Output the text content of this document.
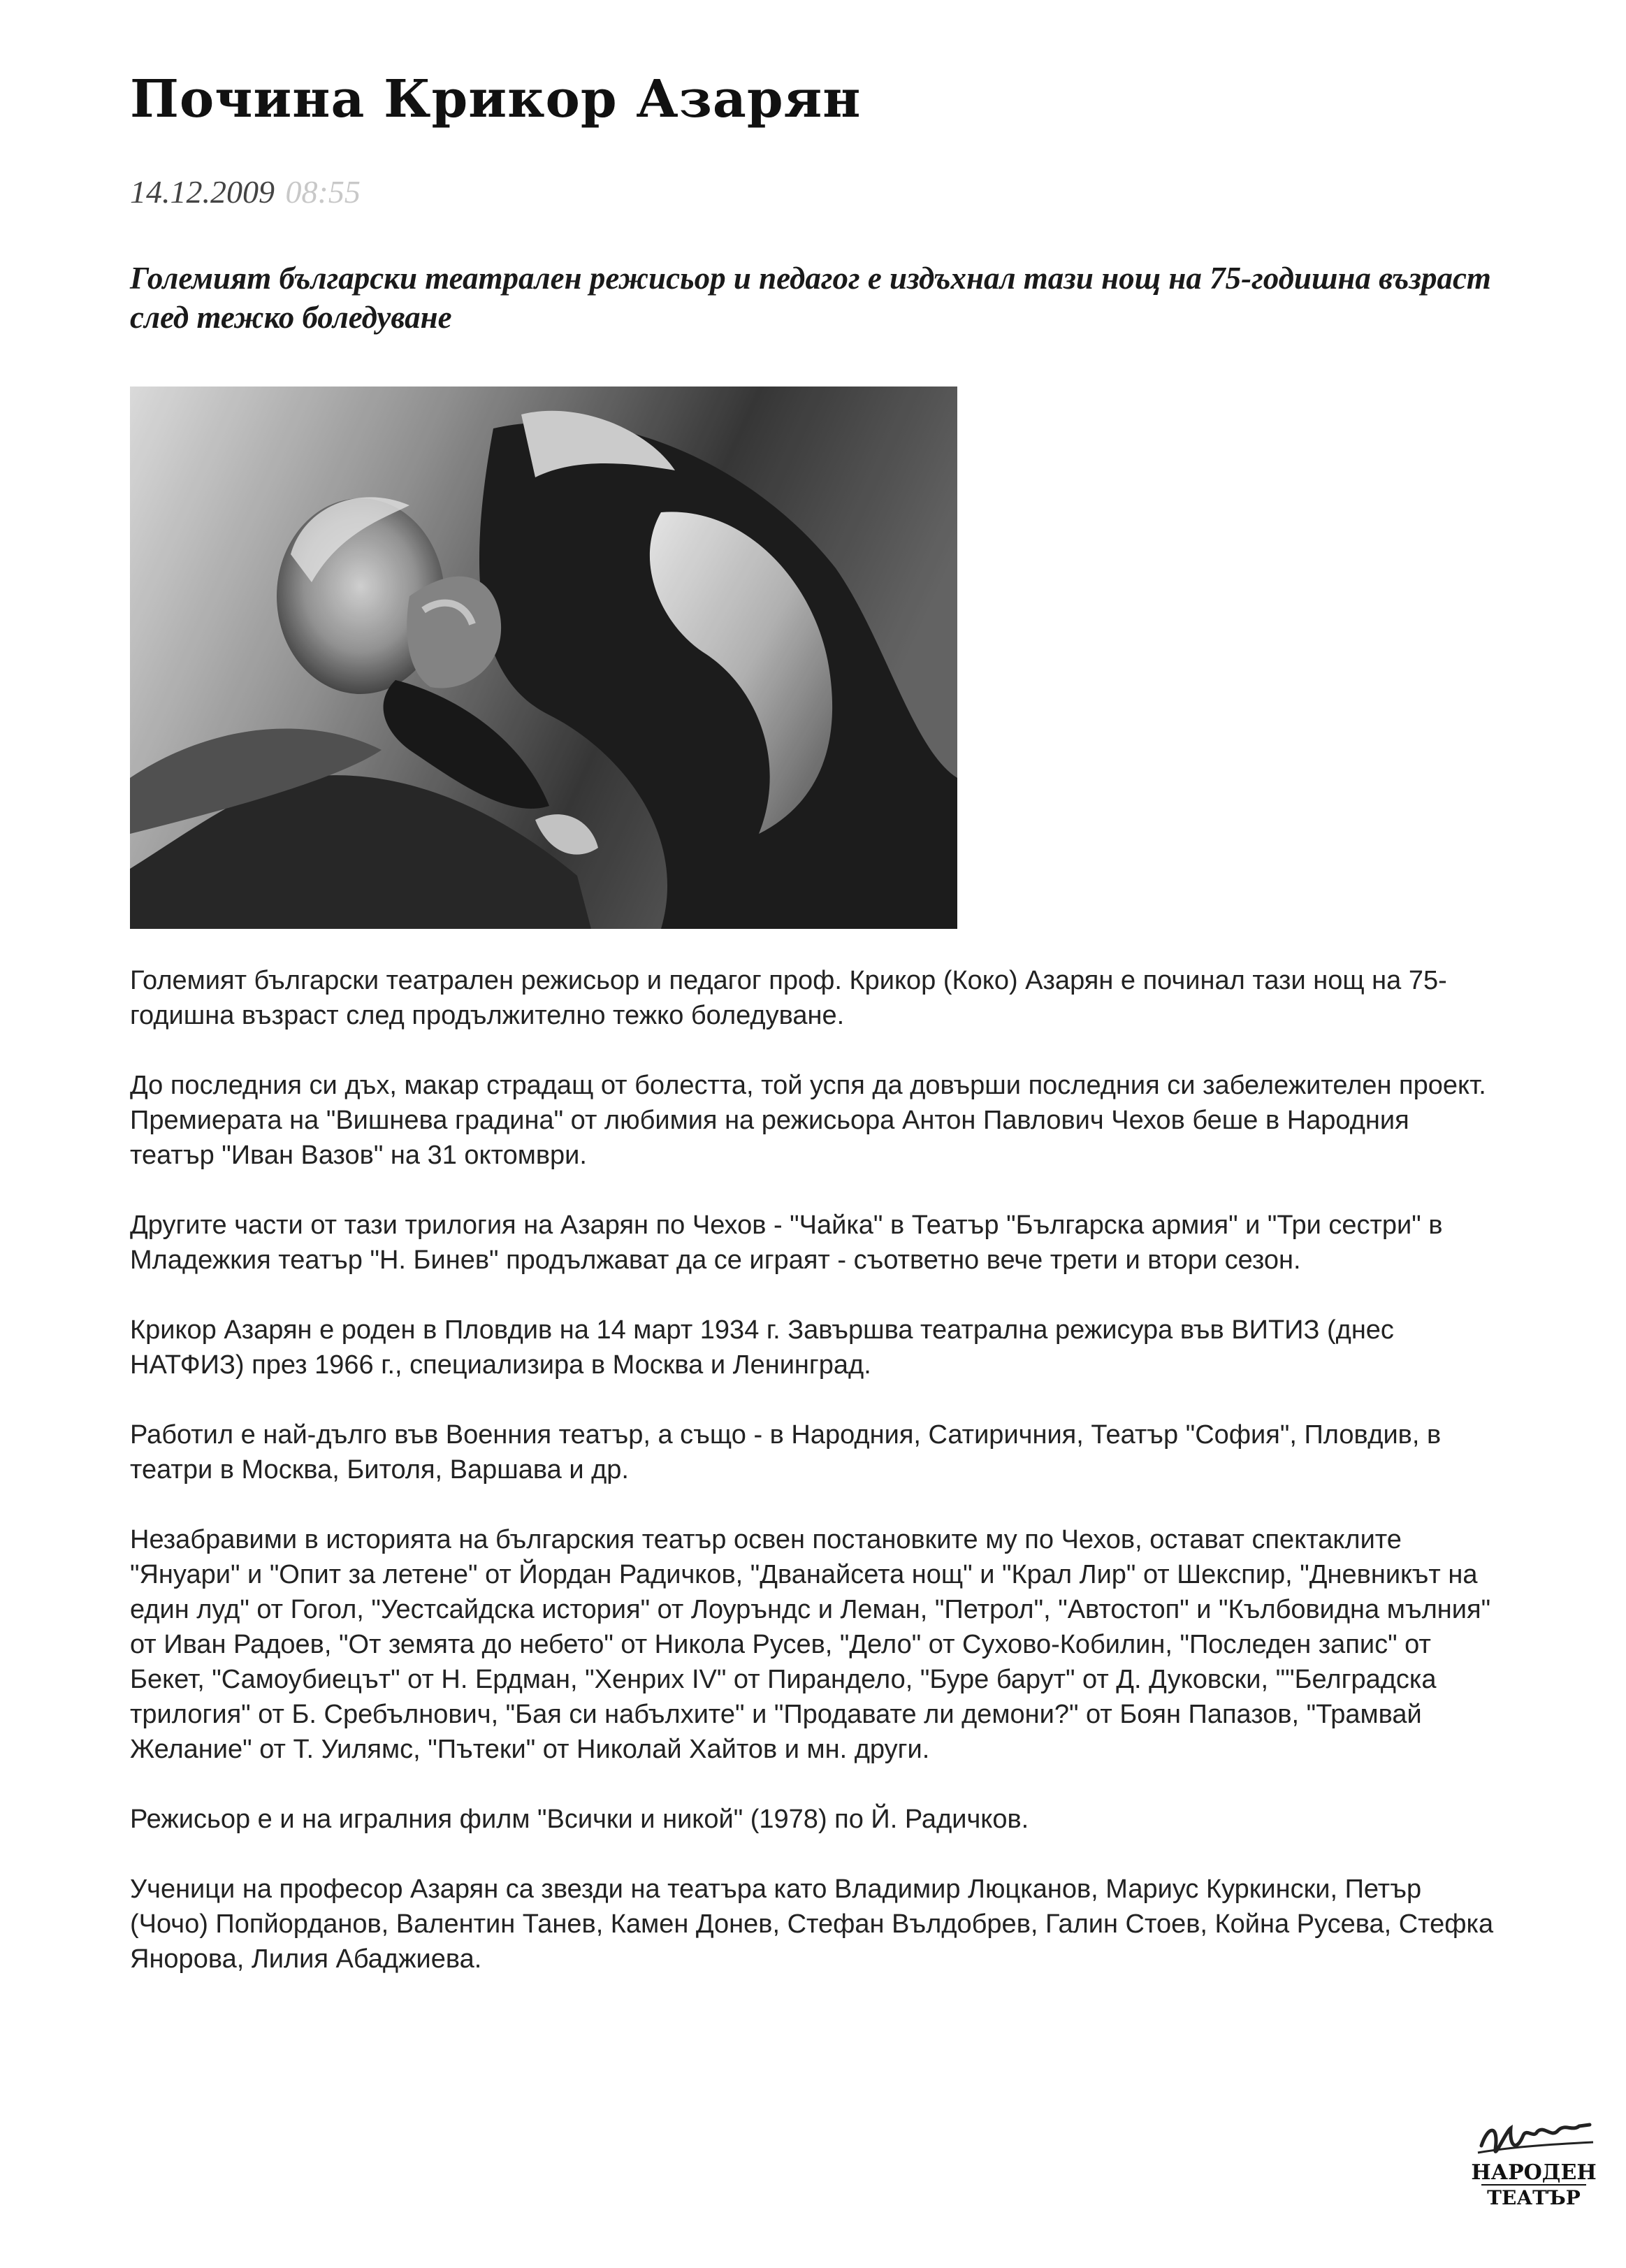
Почина Крикор Азарян
14.12.2009 08:55

Големият български театрален режисьор и педагог е издъхнал тази нощ на 75-годишна възраст след тежко боледуване

Големият български театрален режисьор и педагог проф. Крикор (Коко) Азарян е починал тази нощ на 75-годишна възраст след продължително тежко боледуване.

До последния си дъх, макар страдащ от болестта, той успя да довърши последния си забележителен проект. Премиерата на "Вишнева градина" от любимия на режисьора Антон Павлович Чехов беше в Народния театър "Иван Вазов" на 31 октомври.

Другите части от тази трилогия на Азарян по Чехов - "Чайка" в Театър "Българска армия" и "Три сестри" в Младежкия театър "Н. Бинев" продължават да се играят - съответно вече трети и втори сезон.

Крикор Азарян е роден в Пловдив на 14 март 1934 г. Завършва театрална режисура във ВИТИЗ (днес НАТФИЗ) през 1966 г., специализира в Москва и Ленинград.

Работил е най-дълго във Военния театър, а също - в Народния, Сатиричния, Театър "София", Пловдив, в театри в Москва, Битоля, Варшава и др.

Незабравими в историята на българския театър освен постановките му по Чехов, остават спектаклите "Януари" и "Опит за летене" от Йордан Радичков, "Дванайсета нощ" и "Крал Лир" от Шекспир, "Дневникът на един луд" от Гогол, "Уестсайдска история" от Лоуръндс и Леман, "Петрол", "Автостоп" и "Кълбовидна мълния" от Иван Радоев, "От земята до небето" от Никола Русев, "Дело" от Сухово-Кобилин, "Последен запис" от Бекет, "Самоубиецът" от Н. Ердман, "Хенрих IV" от Пирандело, "Буре барут" от Д. Дуковски, ""Белградска трилогия" от Б. Сребълнович, "Бая си набълхите" и "Продавате ли демони?" от Боян Папазов, "Трамвай Желание" от Т. Уилямс, "Пътеки" от Николай Хайтов и мн. други.

Режисьор е и на игралния филм "Всички и никой" (1978) по Й. Радичков.

Ученици на професор Азарян са звезди на театъра като Владимир Люцканов, Мариус Куркински, Петър (Чочо) Попйорданов, Валентин Танев, Камен Донев, Стефан Вълдобрев, Галин Стоев, Койна Русева, Стефка Янорова, Лилия Абаджиева.

НАРОДЕН
ТЕАТЪР
